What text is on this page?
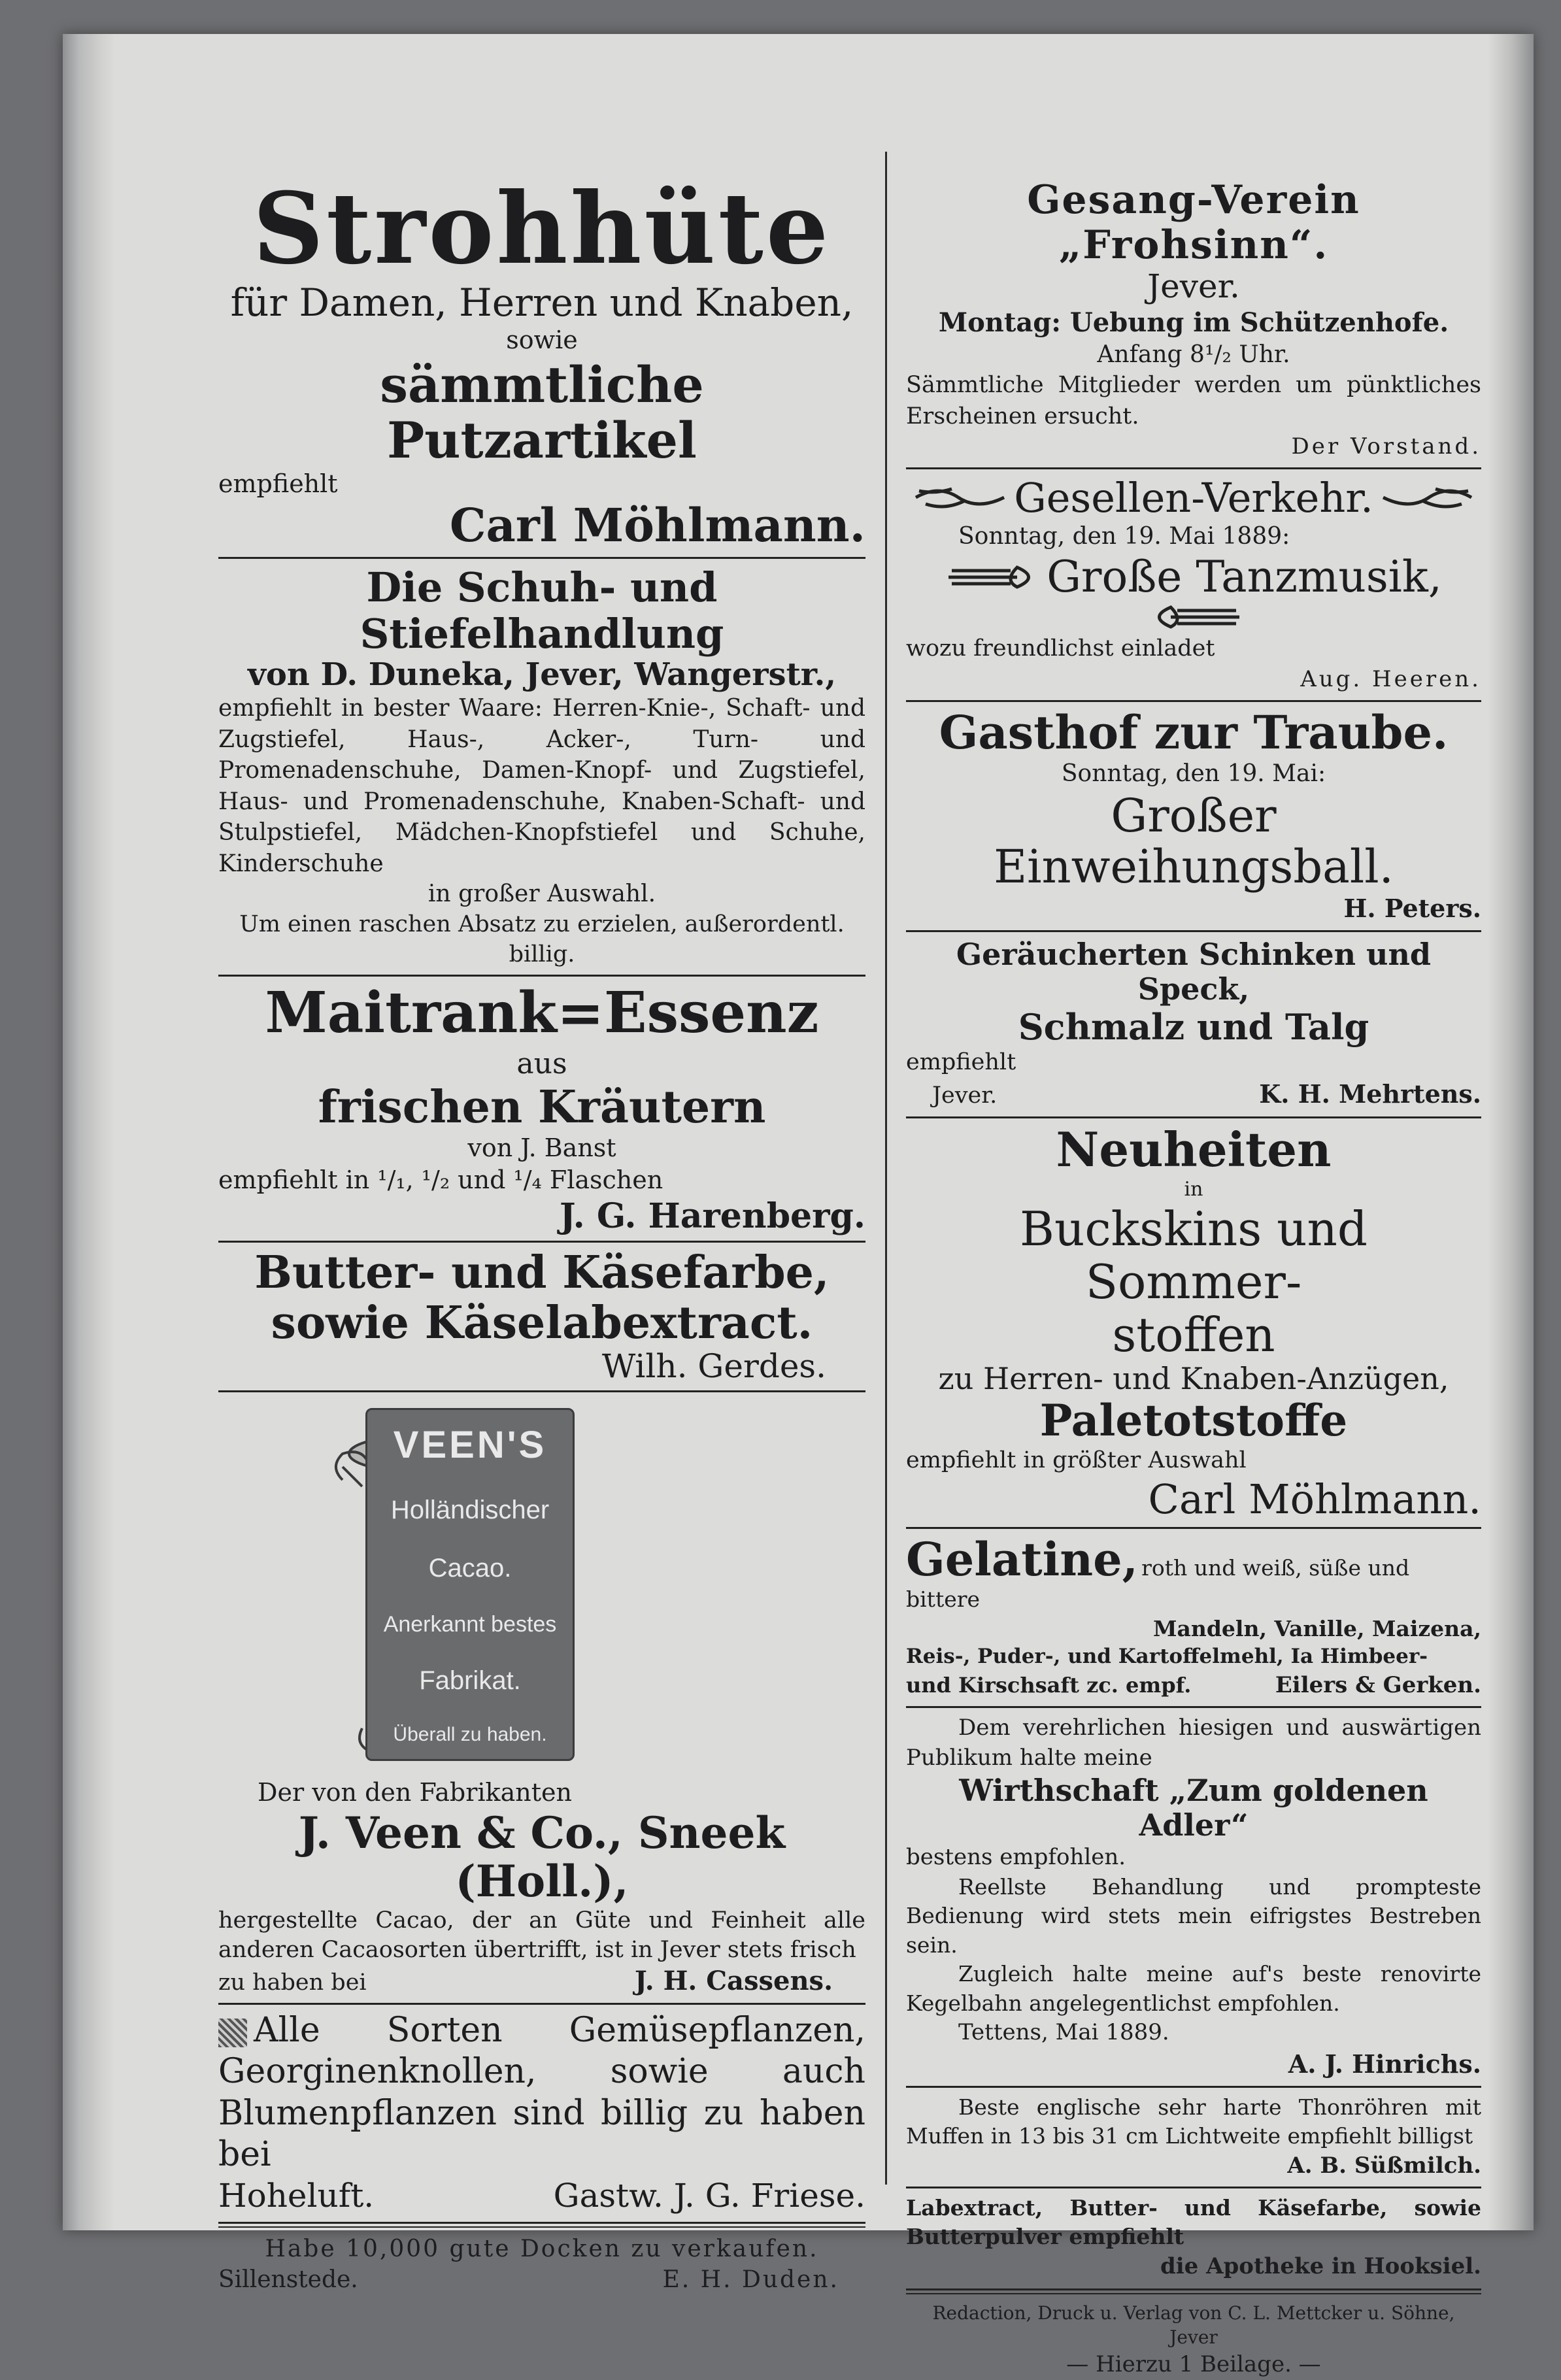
Strohhüte
für Damen, Herren und Knaben,
sowie
sämmtliche Putzartikel
empfiehlt
Carl Möhlmann.
Die Schuh- und Stiefelhandlung
von D. Duneka, Jever, Wangerstr.,
empfiehlt in bester Waare: Herren-Knie-, Schaft- und Zugstiefel, Haus-, Acker-, Turn- und Promenadenschuhe, Damen-Knopf- und Zugstiefel, Haus- und Promenadenschuhe, Knaben-Schaft- und Stulpstiefel, Mädchen-Knopfstiefel und Schuhe, Kinderschuhe
in großer Auswahl.
Um einen raschen Absatz zu erzielen, außerordentl. billig.
Maitrank=Essenz
aus
frischen Kräutern
von J. Banst
empfiehlt in ¹/₁, ¹/₂ und ¹/₄ Flaschen
J. G. Harenberg.
Butter- und Käsefarbe,
sowie Käselabextract.
Wilh. Gerdes.
VEEN'S
Holländischer
Cacao.
Anerkannt bestes
Fabrikat.
Überall zu haben.
Der von den Fabrikanten
J. Veen & Co., Sneek (Holl.),
hergestellte Cacao, der an Güte und Feinheit alle anderen Cacaosorten übertrifft, ist in Jever stets frisch
zu haben bei	J. H. Cassens.
Alle Sorten Gemüsepflanzen, Georginenknollen, sowie auch Blumenpflanzen sind billig zu haben bei
Hoheluft.	Gastw. J. G. Friese.
Habe 10,000 gute Docken zu verkaufen.
Sillenstede.	E. H. Duden.
Gesang-Verein „Frohsinn“.
Jever.
Montag: Uebung im Schützenhofe.
Anfang 8¹/₂ Uhr.
Sämmtliche Mitglieder werden um pünktliches Erscheinen ersucht.
Der Vorstand.
Gesellen-Verkehr.
Sonntag, den 19. Mai 1889:
Große Tanzmusik,
wozu freundlichst einladet
Aug. Heeren.
Gasthof zur Traube.
Sonntag, den 19. Mai:
Großer Einweihungsball.
H. Peters.
Geräucherten Schinken und Speck,
Schmalz und Talg
empfiehlt
Jever.	K. H. Mehrtens.
Neuheiten
in
Buckskins und Sommer-
stoffen
zu Herren- und Knaben-Anzügen,
Paletotstoffe
empfiehlt in größter Auswahl
Carl Möhlmann.
Gelatine, roth und weiß, süße und bittere
Mandeln, Vanille, Maizena,
Reis-, Puder-, und Kartoffelmehl, Ia Himbeer-
und Kirschsaft zc. empf.	Eilers & Gerken.
Dem verehrlichen hiesigen und auswärtigen Publikum halte meine
Wirthschaft „Zum goldenen Adler“
bestens empfohlen.
Reellste Behandlung und prompteste Bedienung wird stets mein eifrigstes Bestreben sein.
Zugleich halte meine auf's beste renovirte Kegelbahn angelegentlichst empfohlen.
Tettens, Mai 1889.
A. J. Hinrichs.
Beste englische sehr harte Thonröhren mit Muffen in 13 bis 31 cm Lichtweite empfiehlt billigst
A. B. Süßmilch.
Labextract, Butter- und Käsefarbe, sowie Butterpulver empfiehlt
die Apotheke in Hooksiel.
Redaction, Druck u. Verlag von C. L. Mettcker u. Söhne, Jever
— Hierzu 1 Beilage. —
